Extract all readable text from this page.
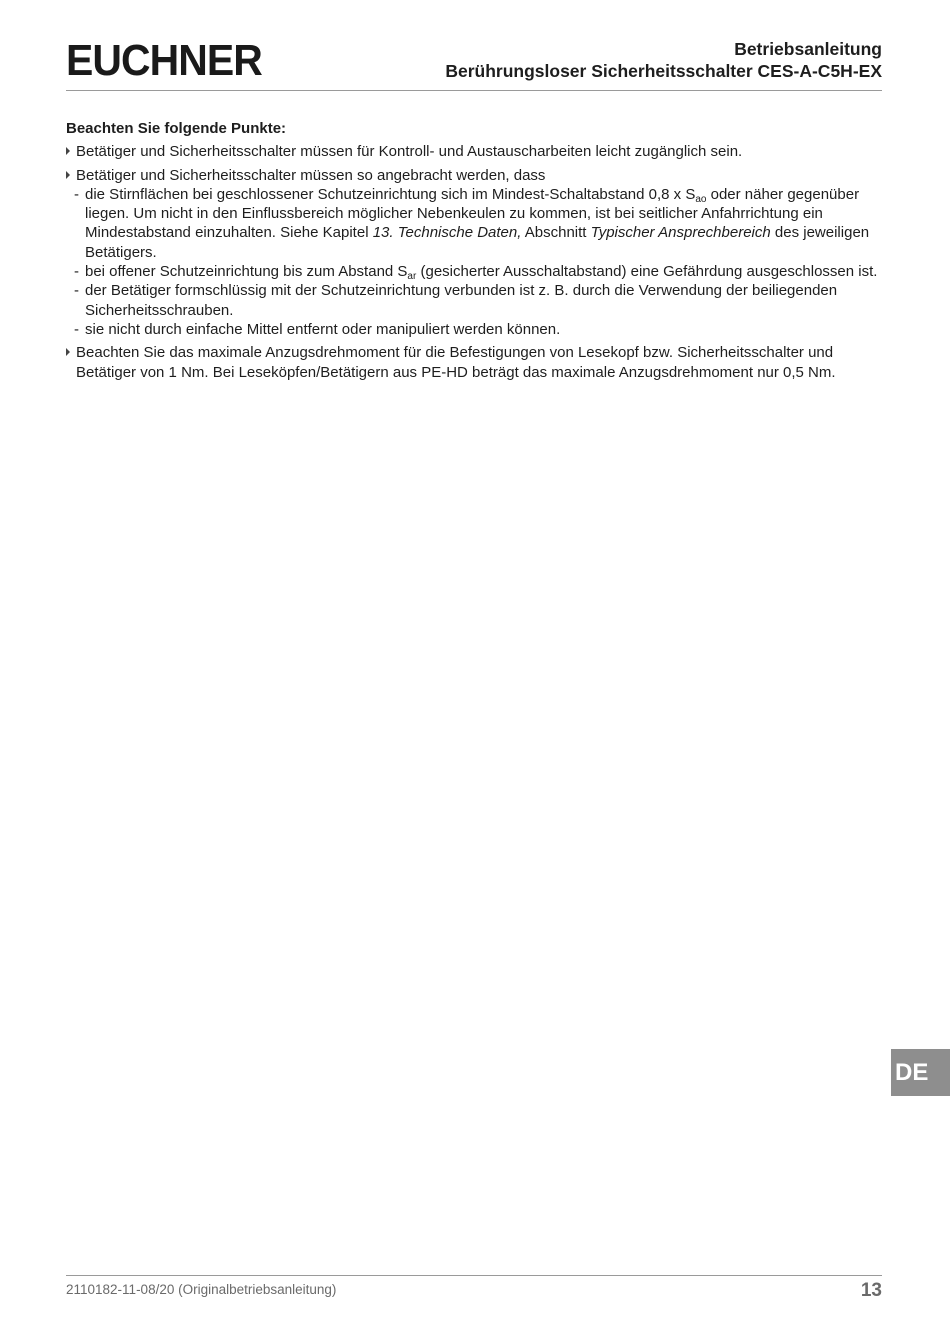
EUCHNER	Betriebsanleitung
Berührungsloser Sicherheitsschalter CES-A-C5H-EX
Beachten Sie folgende Punkte:
Betätiger und Sicherheitsschalter müssen für Kontroll- und Austauscharbeiten leicht zugänglich sein.
Betätiger und Sicherheitsschalter müssen so angebracht werden, dass
- die Stirnflächen bei geschlossener Schutzeinrichtung sich im Mindest-Schaltabstand 0,8 x $S_{ao}$ oder näher gegenüber liegen. Um nicht in den Einflussbereich möglicher Nebenkeulen zu kommen, ist bei seitlicher Anfahrrichtung ein Mindestabstand einzuhalten. Siehe Kapitel 13. Technische Daten, Abschnitt Typischer Ansprechbereich des jeweiligen Betätigers.
- bei offener Schutzeinrichtung bis zum Abstand $S_{ar}$ (gesicherter Ausschaltabstand) eine Gefährdung ausgeschlossen ist.
- der Betätiger formschlüssig mit der Schutzeinrichtung verbunden ist z. B. durch die Verwendung der beiliegenden Sicherheitsschrauben.
- sie nicht durch einfache Mittel entfernt oder manipuliert werden können.
Beachten Sie das maximale Anzugsdrehmoment für die Befestigungen von Lesekopf bzw. Sicherheitsschalter und Betätiger von 1 Nm. Bei Leseköpfen/Betätigern aus PE-HD beträgt das maximale Anzugsdrehmoment nur 0,5 Nm.
DE
2110182-11-08/20 (Originalbetriebsanleitung)	13
